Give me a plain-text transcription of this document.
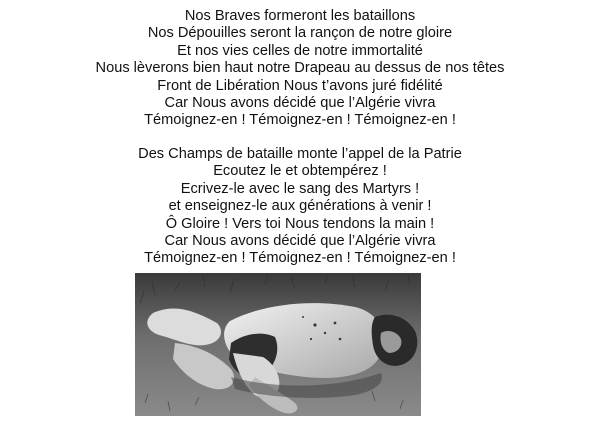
Nos Braves formeront les bataillons
Nos Dépouilles seront la rançon de notre gloire
Et nos vies celles de notre immortalité
Nous lèverons bien haut notre Drapeau au dessus de nos têtes
Front de Libération Nous t’avons juré fidélité
Car Nous avons décidé que l’Algérie vivra
Témoignez-en ! Témoignez-en ! Témoignez-en !
Des Champs de bataille monte l’appel de la Patrie
Ecoutez le et obtempérez !
Ecrivez-le avec le sang des Martyrs !
et enseignez-le aux générations à venir !
Ô Gloire ! Vers toi Nous tendons la main !
Car Nous avons décidé que l’Algérie vivra
Témoignez-en ! Témoignez-en ! Témoignez-en !
